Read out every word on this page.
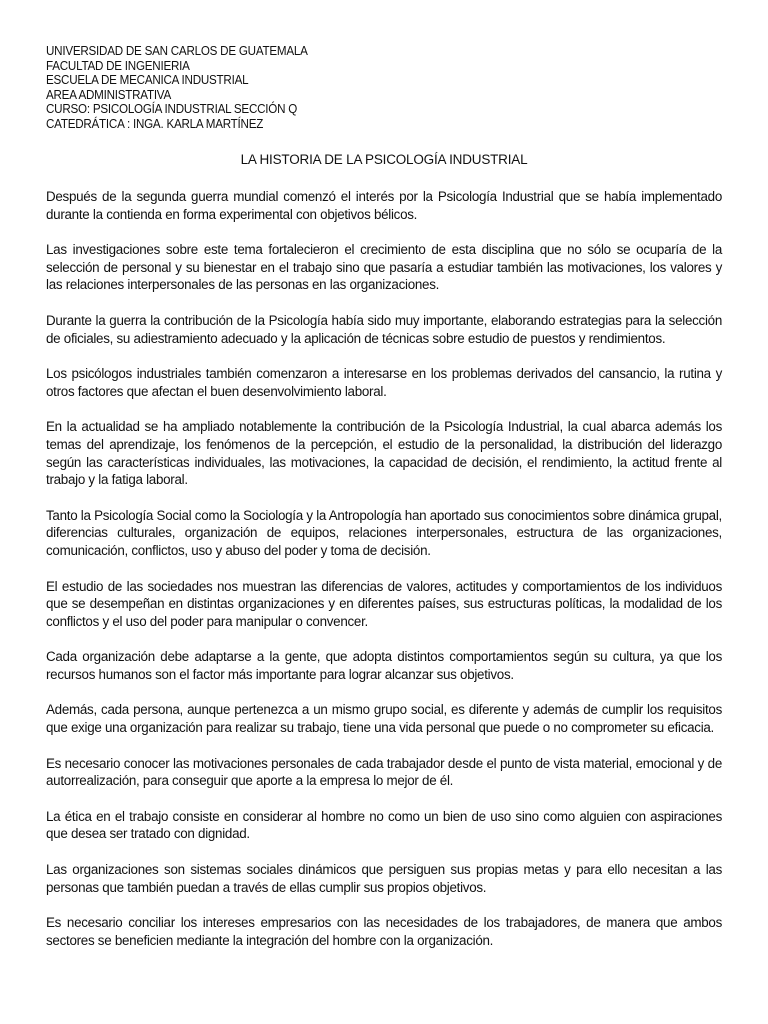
UNIVERSIDAD DE SAN CARLOS DE GUATEMALA
FACULTAD DE INGENIERIA
ESCUELA DE MECANICA INDUSTRIAL
AREA ADMINISTRATIVA
CURSO: PSICOLOGÍA INDUSTRIAL SECCIÓN Q
CATEDRÁTICA : INGA. KARLA MARTÍNEZ
LA HISTORIA DE LA PSICOLOGÍA INDUSTRIAL

Después de la segunda guerra mundial comenzó el interés por la Psicología Industrial que se había implementado durante la contienda en forma experimental con objetivos bélicos.

Las investigaciones sobre este tema fortalecieron el crecimiento de esta disciplina que no sólo se ocuparía de la selección de personal y su bienestar en el trabajo sino que pasaría a estudiar también las motivaciones, los valores y las relaciones interpersonales de las personas en las organizaciones.

Durante la guerra la contribución de la Psicología había sido muy importante, elaborando estrategias para la selección de oficiales, su adiestramiento adecuado y la aplicación de técnicas sobre estudio de puestos y rendimientos.

Los psicólogos industriales también comenzaron a interesarse en los problemas derivados del cansancio, la rutina y otros factores que afectan el buen desenvolvimiento laboral.

En la actualidad se ha ampliado notablemente la contribución de la Psicología Industrial, la cual abarca además los temas del aprendizaje, los fenómenos de la percepción, el estudio de la personalidad, la distribución del liderazgo según las características individuales, las motivaciones, la capacidad de decisión, el rendimiento, la actitud frente al trabajo y la fatiga laboral.

Tanto la Psicología Social como la Sociología y la Antropología han aportado sus conocimientos sobre dinámica grupal, diferencias culturales, organización de equipos, relaciones interpersonales, estructura de las organizaciones, comunicación, conflictos, uso y abuso del poder y toma de decisión.

El estudio de las sociedades nos muestran las diferencias de valores, actitudes y comportamientos de los individuos que se desempeñan en distintas organizaciones y en diferentes países, sus estructuras políticas, la modalidad de los conflictos y el uso del poder para manipular o convencer.

Cada organización debe adaptarse a la gente, que adopta distintos comportamientos según su cultura, ya que los recursos humanos son el factor más importante para lograr alcanzar sus objetivos.

Además, cada persona, aunque pertenezca a un mismo grupo social, es diferente y además de cumplir los requisitos que exige una organización para realizar su trabajo, tiene una vida personal que puede o no comprometer su eficacia.

Es necesario conocer las motivaciones personales de cada trabajador desde el punto de vista material, emocional y de autorrealización, para conseguir que aporte a la empresa lo mejor de él.

La ética en el trabajo consiste en considerar al hombre no como un bien de uso sino como alguien con aspiraciones que desea ser tratado con dignidad.

Las organizaciones son sistemas sociales dinámicos que persiguen sus propias metas y para ello necesitan a las personas que también puedan a través de ellas cumplir sus propios objetivos.

Es necesario conciliar los intereses empresarios con las necesidades de los trabajadores, de manera que ambos sectores se beneficien mediante la integración del hombre con la organización.
